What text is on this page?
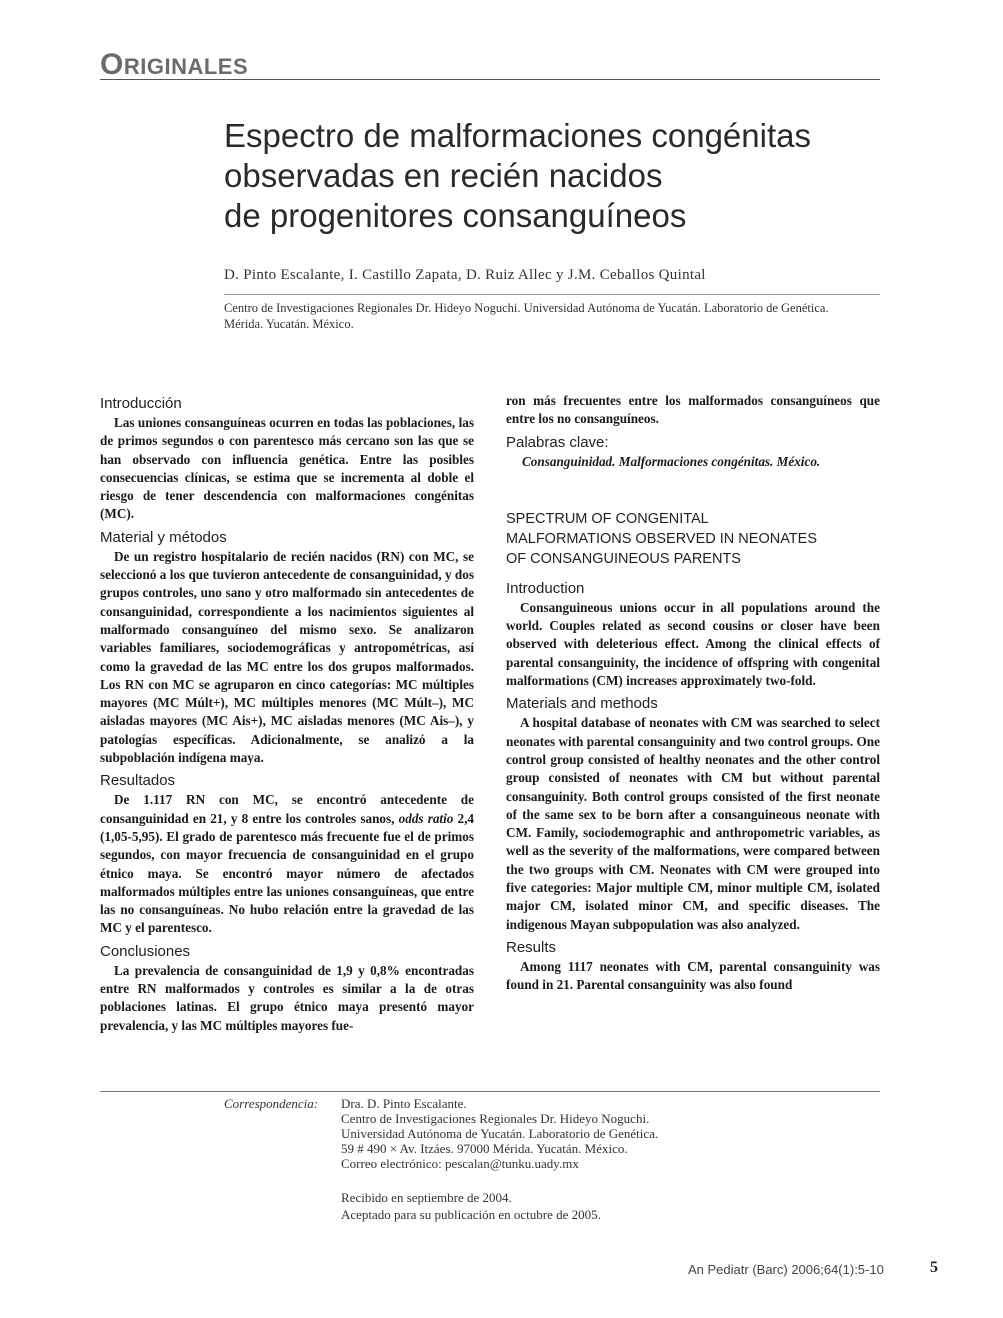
ORIGINALES
Espectro de malformaciones congénitas
observadas en recién nacidos
de progenitores consanguíneos
D. Pinto Escalante, I. Castillo Zapata, D. Ruiz Allec y J.M. Ceballos Quintal
Centro de Investigaciones Regionales Dr. Hideyo Noguchi. Universidad Autónoma de Yucatán. Laboratorio de Genética. Mérida. Yucatán. México.
Introducción

Las uniones consanguíneas ocurren en todas las poblaciones, las de primos segundos o con parentesco más cercano son las que se han observado con influencia genética. Entre las posibles consecuencias clínicas, se estima que se incrementa al doble el riesgo de tener descendencia con malformaciones congénitas (MC).

Material y métodos

De un registro hospitalario de recién nacidos (RN) con MC, se seleccionó a los que tuvieron antecedente de consanguinidad, y dos grupos controles, uno sano y otro malformado sin antecedentes de consanguinidad, correspondiente a los nacimientos siguientes al malformado consanguíneo del mismo sexo. Se analizaron variables familiares, sociodemográficas y antropométricas, así como la gravedad de las MC entre los dos grupos malformados. Los RN con MC se agruparon en cinco categorías: MC múltiples mayores (MC Múlt+), MC múltiples menores (MC Múlt–), MC aisladas mayores (MC Ais+), MC aisladas menores (MC Ais–), y patologías específicas. Adicionalmente, se analizó a la subpoblación indígena maya.

Resultados

De 1.117 RN con MC, se encontró antecedente de consanguinidad en 21, y 8 entre los controles sanos, odds ratio 2,4 (1,05-5,95). El grado de parentesco más frecuente fue el de primos segundos, con mayor frecuencia de consanguinidad en el grupo étnico maya. Se encontró mayor número de afectados malformados múltiples entre las uniones consanguíneas, que entre las no consanguíneas. No hubo relación entre la gravedad de las MC y el parentesco.

Conclusiones

La prevalencia de consanguinidad de 1,9 y 0,8% encontradas entre RN malformados y controles es similar a la de otras poblaciones latinas. El grupo étnico maya presentó mayor prevalencia, y las MC múltiples mayores fue-

ron más frecuentes entre los malformados consanguíneos que entre los no consanguíneos.

Palabras clave:

Consanguinidad. Malformaciones congénitas. México.

SPECTRUM OF CONGENITAL
MALFORMATIONS OBSERVED IN NEONATES
OF CONSANGUINEOUS PARENTS
Introduction

Consanguineous unions occur in all populations around the world. Couples related as second cousins or closer have been observed with deleterious effect. Among the clinical effects of parental consanguinity, the incidence of offspring with congenital malformations (CM) increases approximately two-fold.

Materials and methods

A hospital database of neonates with CM was searched to select neonates with parental consanguinity and two control groups. One control group consisted of healthy neonates and the other control group consisted of neonates with CM but without parental consanguinity. Both control groups consisted of the first neonate of the same sex to be born after a consanguineous neonate with CM. Family, sociodemographic and anthropometric variables, as well as the severity of the malformations, were compared between the two groups with CM. Neonates with CM were grouped into five categories: Major multiple CM, minor multiple CM, isolated major CM, isolated minor CM, and specific diseases. The indigenous Mayan subpopulation was also analyzed.

Results

Among 1117 neonates with CM, parental consanguinity was found in 21. Parental consanguinity was also found

Correspondencia: Dra. D. Pinto Escalante.
Centro de Investigaciones Regionales Dr. Hideyo Noguchi.
Universidad Autónoma de Yucatán. Laboratorio de Genética.
59 # 490 × Av. Itzáes. 97000 Mérida. Yucatán. México.
Correo electrónico: pescalan@tunku.uady.mx
Recibido en septiembre de 2004.
Aceptado para su publicación en octubre de 2005.
An Pediatr (Barc) 2006;64(1):5-10	5
